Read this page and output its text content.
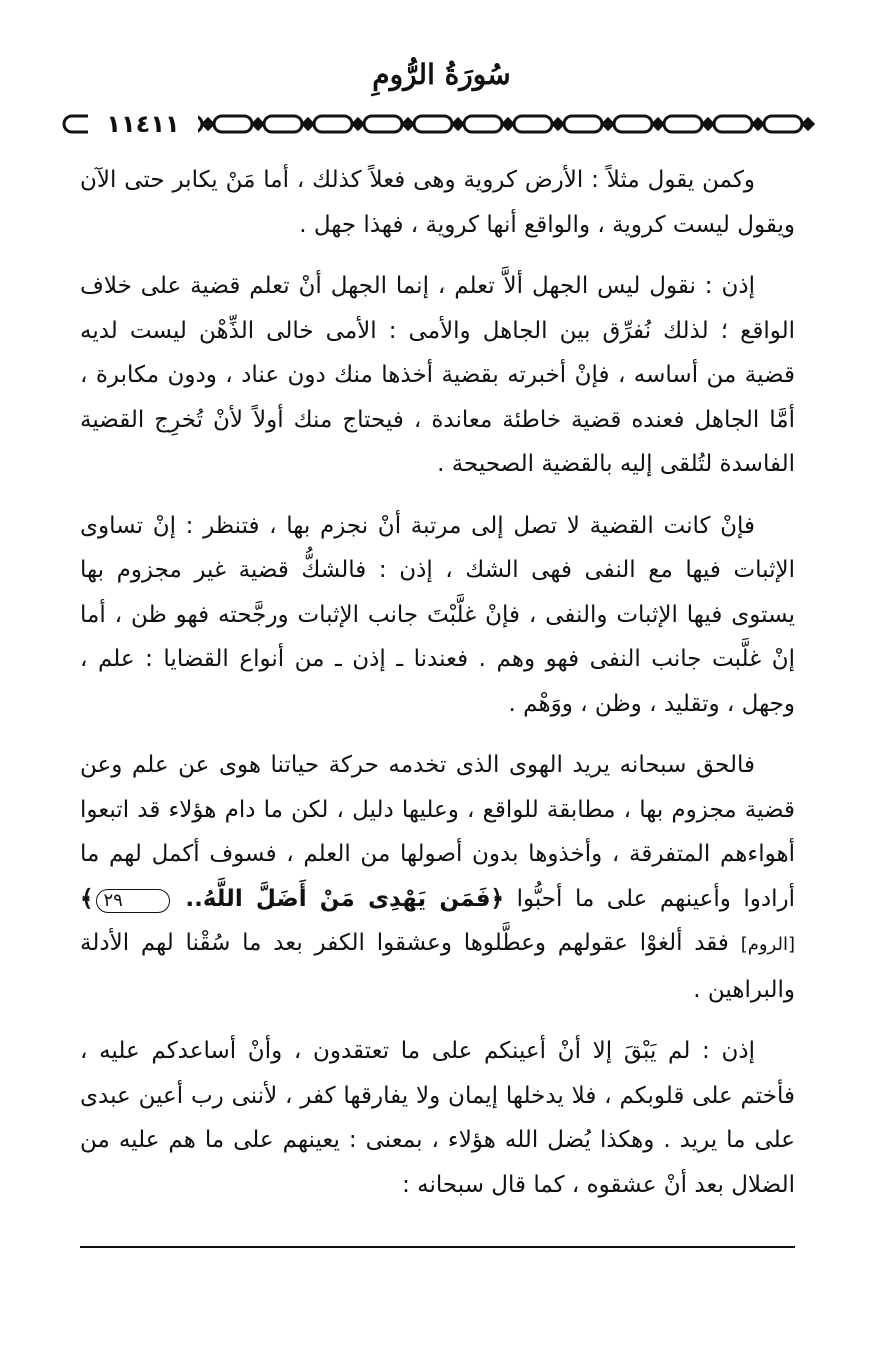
سُورَةُ الرُّومِ
١١٤١١

وكمن يقول مثلاً : الأرض كروية وهى فعلاً كذلك ، أما مَنْ يكابر حتى الآن ويقول ليست كروية ، والواقع أنها كروية ، فهذا جهل .

إذن : نقول ليس الجهل ألاَّ تعلم ، إنما الجهل أنْ تعلم قضية على خلاف الواقع ؛ لذلك نُفرِّق بين الجاهل والأمى : الأمى خالى الذِّهْن ليست لديه قضية من أساسه ، فإنْ أخبرته بقضية أخذها منك دون عناد ، ودون مكابرة ، أمَّا الجاهل فعنده قضية خاطئة معاندة ، فيحتاج منك أولاً لأنْ تُخرِج القضية الفاسدة لتُلقى إليه بالقضية الصحيحة .

فإنْ كانت القضية لا تصل إلى مرتبة أنْ نجزم بها ، فتنظر : إنْ تساوى الإثبات فيها مع النفى فهى الشك ، إذن : فالشكُّ قضية غير مجزوم بها يستوى فيها الإثبات والنفى ، فإنْ غلَّبْتَ جانب الإثبات ورجَّحته فهو ظن ، أما إنْ غلَّبت جانب النفى فهو وهم . فعندنا ـ إذن ـ من أنواع القضايا : علم ، وجهل ، وتقليد ، وظن ، ووَهْم .

فالحق سبحانه يريد الهوى الذى تخدمه حركة حياتنا هوى عن علم وعن قضية مجزوم بها ، مطابقة للواقع ، وعليها دليل ، لكن ما دام هؤلاء قد اتبعوا أهواءهم المتفرقة ، وأخذوها بدون أصولها من العلم ، فسوف أكمل لهم ما أرادوا وأعينهم على ما أحبُّوا ﴿فَمَن يَهْدِى مَنْ أَضَلَّ اللَّهُ.. ٢٩﴾ [الروم] فقد ألغوْا عقولهم وعطَّلوها وعشقوا الكفر بعد ما سُقْنا لهم الأدلة والبراهين .

إذن : لم يَبْقَ إلا أنْ أعينكم على ما تعتقدون ، وأنْ أساعدكم عليه ، فأختم على قلوبكم ، فلا يدخلها إيمان ولا يفارقها كفر ، لأننى رب أعين عبدى على ما يريد . وهكذا يُضل الله هؤلاء ، بمعنى : يعينهم على ما هم عليه من الضلال بعد أنْ عشقوه ، كما قال سبحانه :
